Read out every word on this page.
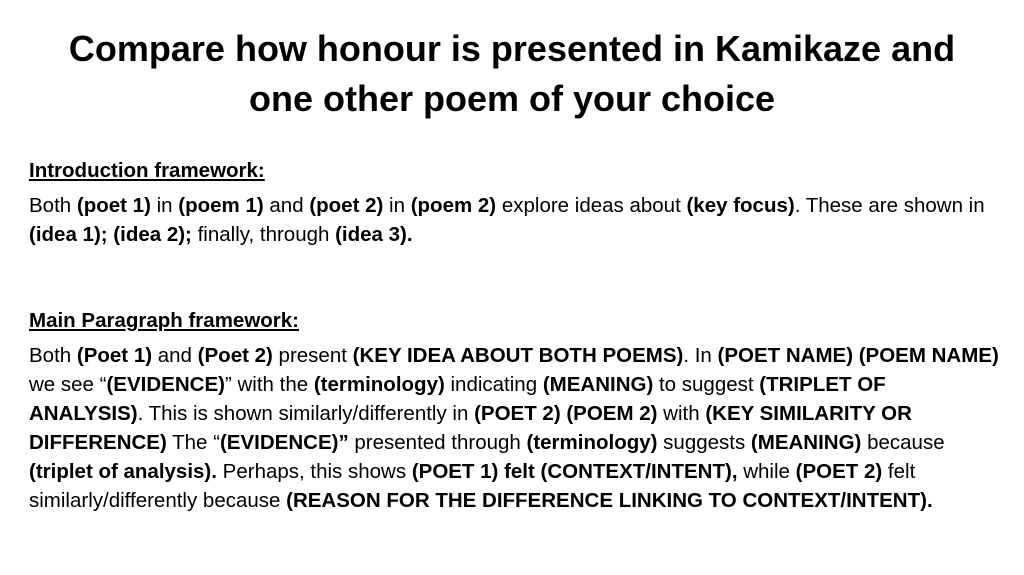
Compare how honour is presented in Kamikaze and
one other poem of your choice

Introduction framework:

Both (poet 1) in (poem 1) and (poet 2) in (poem 2) explore ideas about (key focus). These are shown in (idea 1); (idea 2); finally, through (idea 3).

Main Paragraph framework:

Both (Poet 1) and (Poet 2) present (KEY IDEA ABOUT BOTH POEMS). In (POET NAME) (POEM NAME) we see “(EVIDENCE)” with the (terminology) indicating (MEANING) to suggest (TRIPLET OF ANALYSIS). This is shown similarly/differently in (POET 2) (POEM 2) with (KEY SIMILARITY OR DIFFERENCE) The “(EVIDENCE)” presented through (terminology) suggests (MEANING) because (triplet of analysis). Perhaps, this shows (POET 1) felt (CONTEXT/INTENT), while (POET 2) felt similarly/differently because (REASON FOR THE DIFFERENCE LINKING TO CONTEXT/INTENT).
